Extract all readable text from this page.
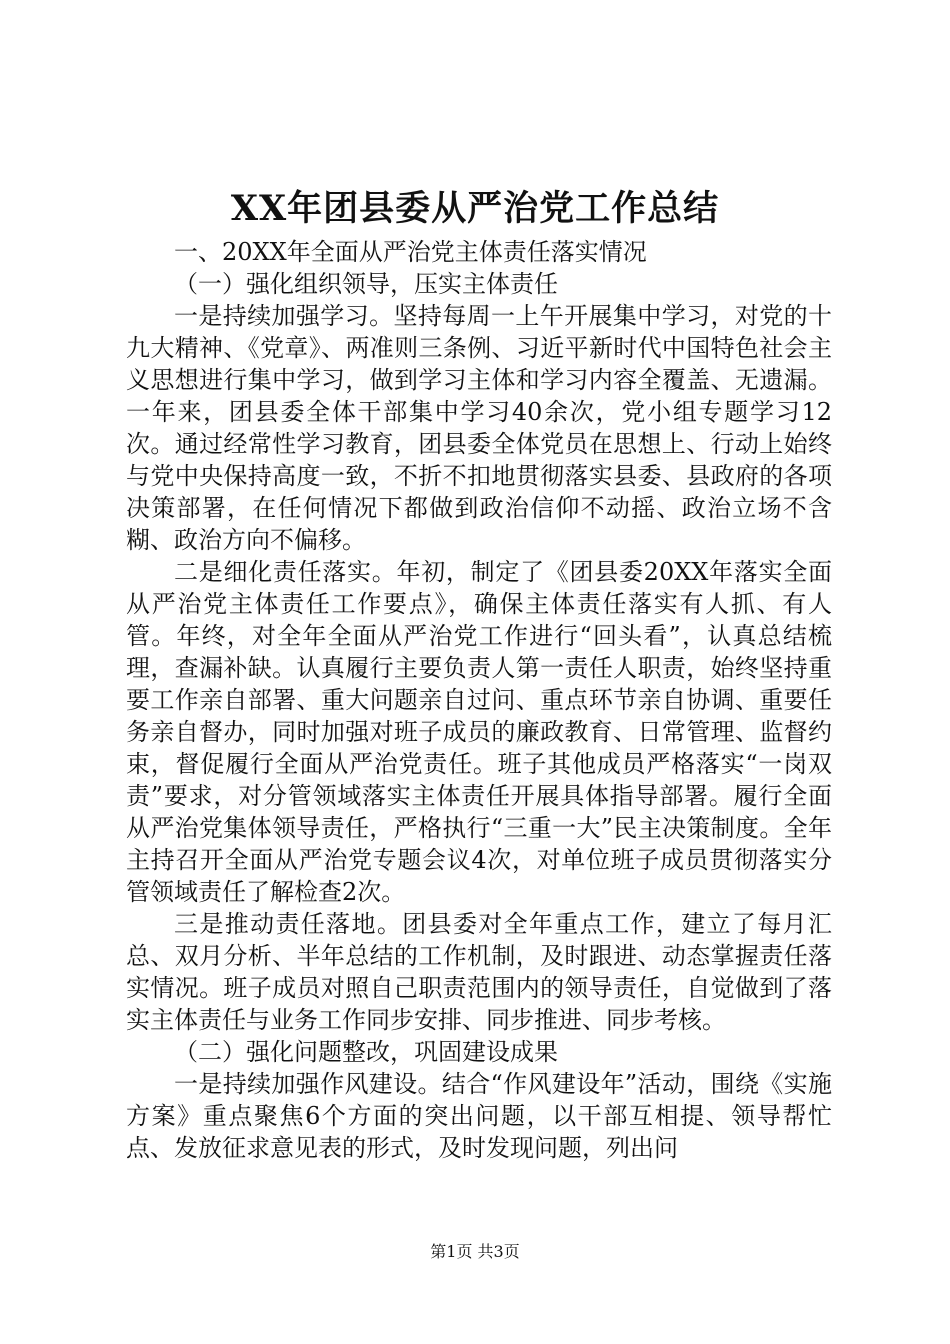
XX年团县委从严治党工作总结

一、20XX年全面从严治党主体责任落实情况

（一）强化组织领导，压实主体责任

一是持续加强学习。坚持每周一上午开展集中学习，对党的十九大精神、《党章》、两准则三条例、习近平新时代中国特色社会主义思想进行集中学习，做到学习主体和学习内容全覆盖、无遗漏。一年来，团县委全体干部集中学习40余次，党小组专题学习12次。通过经常性学习教育，团县委全体党员在思想上、行动上始终与党中央保持高度一致，不折不扣地贯彻落实县委、县政府的各项决策部署，在任何情况下都做到政治信仰不动摇、政治立场不含糊、政治方向不偏移。

二是细化责任落实。年初，制定了《团县委20XX年落实全面从严治党主体责任工作要点》，确保主体责任落实有人抓、有人管。年终，对全年全面从严治党工作进行“回头看”，认真总结梳理，查漏补缺。认真履行主要负责人第一责任人职责，始终坚持重要工作亲自部署、重大问题亲自过问、重点环节亲自协调、重要任务亲自督办，同时加强对班子成员的廉政教育、日常管理、监督约束，督促履行全面从严治党责任。班子其他成员严格落实“一岗双责”要求，对分管领域落实主体责任开展具体指导部署。履行全面从严治党集体领导责任，严格执行“三重一大”民主决策制度。全年主持召开全面从严治党专题会议4次，对单位班子成员贯彻落实分管领域责任了解检查2次。

三是推动责任落地。团县委对全年重点工作，建立了每月汇总、双月分析、半年总结的工作机制，及时跟进、动态掌握责任落实情况。班子成员对照自己职责范围内的领导责任，自觉做到了落实主体责任与业务工作同步安排、同步推进、同步考核。

（二）强化问题整改，巩固建设成果

一是持续加强作风建设。结合“作风建设年”活动，围绕《实施方案》重点聚焦6个方面的突出问题，以干部互相提、领导帮忙点、发放征求意见表的形式，及时发现问题，列出问

第1页 共3页
